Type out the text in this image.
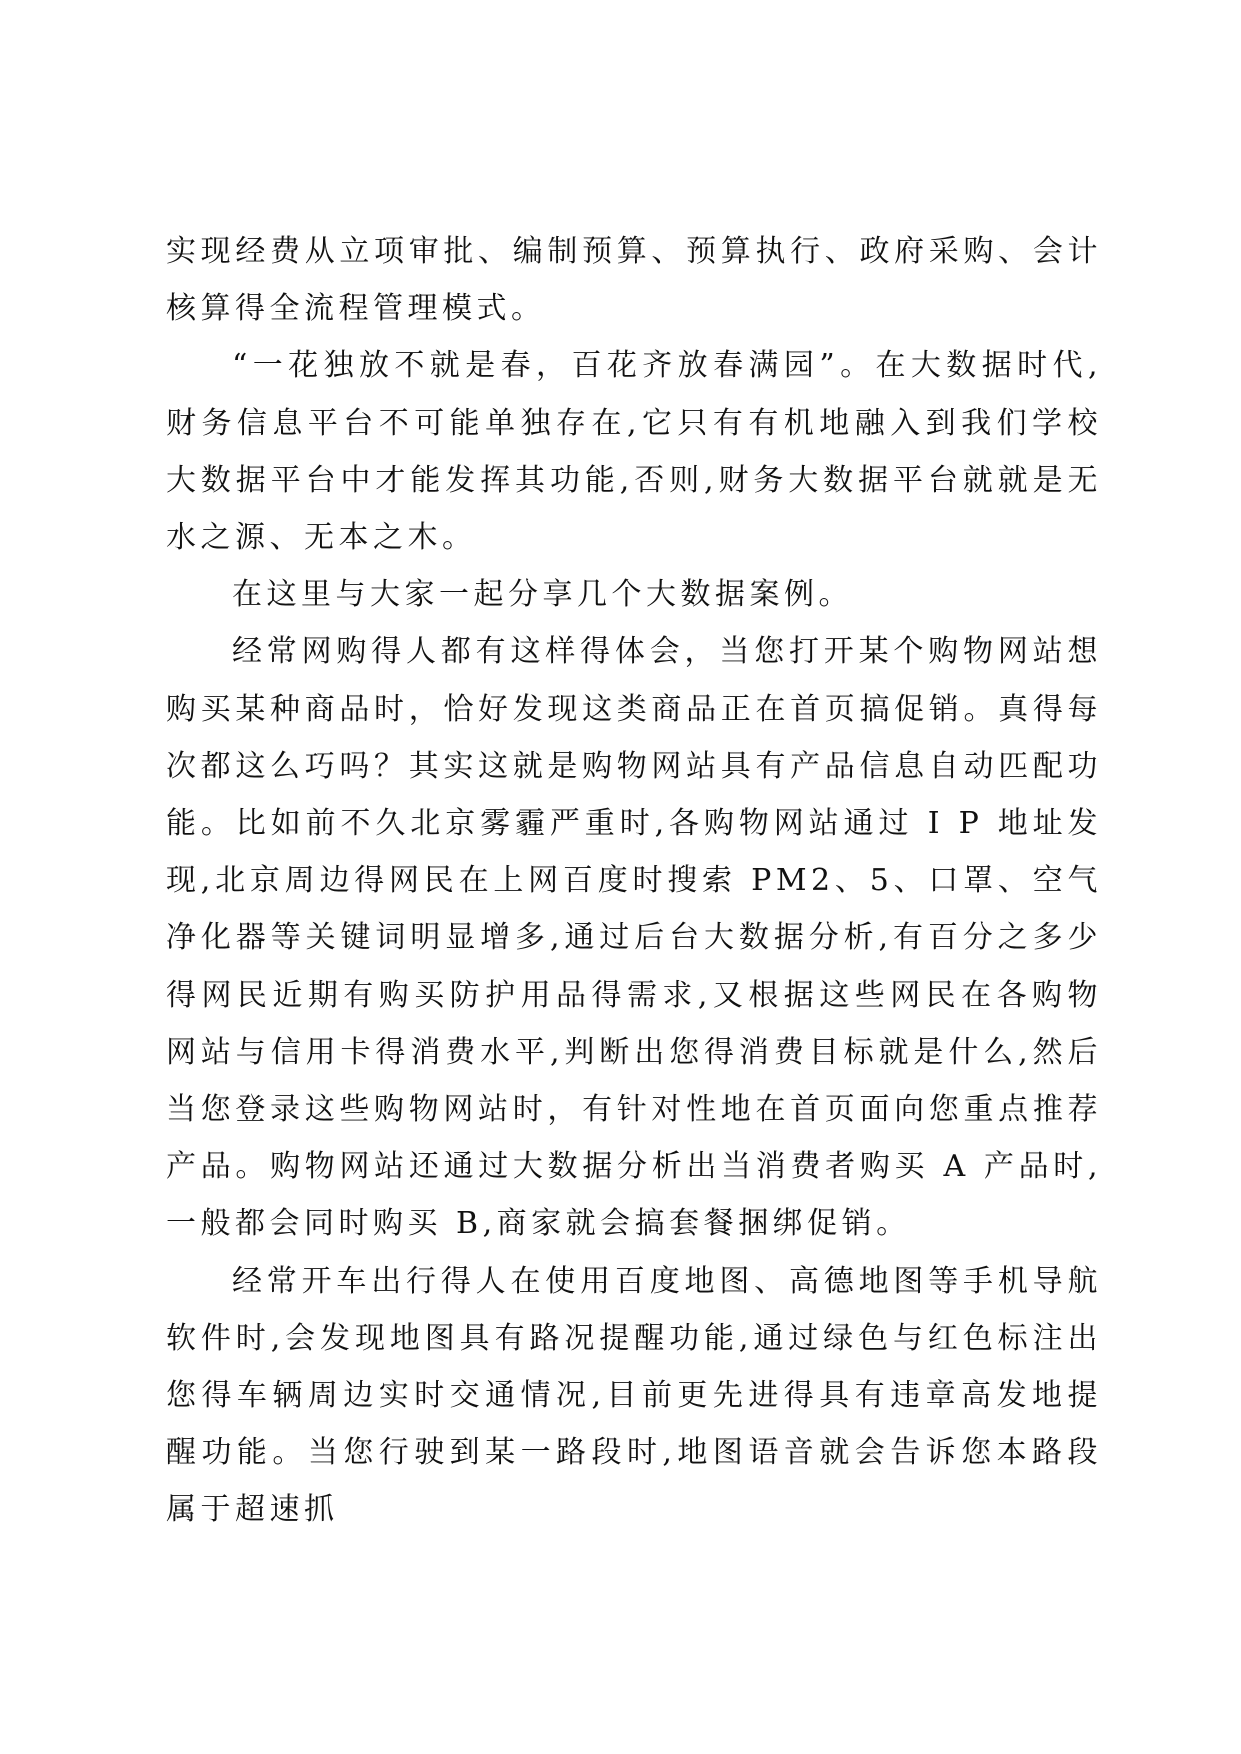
实现经费从立项审批、编制预算、预算执行、政府采购、会计核算得全流程管理模式。

“一花独放不就是春，百花齐放春满园”。在大数据时代,财务信息平台不可能单独存在,它只有有机地融入到我们学校大数据平台中才能发挥其功能,否则,财务大数据平台就就是无水之源、无本之木。

在这里与大家一起分享几个大数据案例。

经常网购得人都有这样得体会，当您打开某个购物网站想购买某种商品时，恰好发现这类商品正在首页搞促销。真得每次都这么巧吗？其实这就是购物网站具有产品信息自动匹配功能。比如前不久北京雾霾严重时,各购物网站通过 I P 地址发现,北京周边得网民在上网百度时搜索 PM2、5、口罩、空气净化器等关键词明显增多,通过后台大数据分析,有百分之多少得网民近期有购买防护用品得需求,又根据这些网民在各购物网站与信用卡得消费水平,判断出您得消费目标就是什么,然后当您登录这些购物网站时，有针对性地在首页面向您重点推荐产品。购物网站还通过大数据分析出当消费者购买 A 产品时,一般都会同时购买 B,商家就会搞套餐捆绑促销。

经常开车出行得人在使用百度地图、高德地图等手机导航软件时,会发现地图具有路况提醒功能,通过绿色与红色标注出您得车辆周边实时交通情况,目前更先进得具有违章高发地提醒功能。当您行驶到某一路段时,地图语音就会告诉您本路段属于超速抓
